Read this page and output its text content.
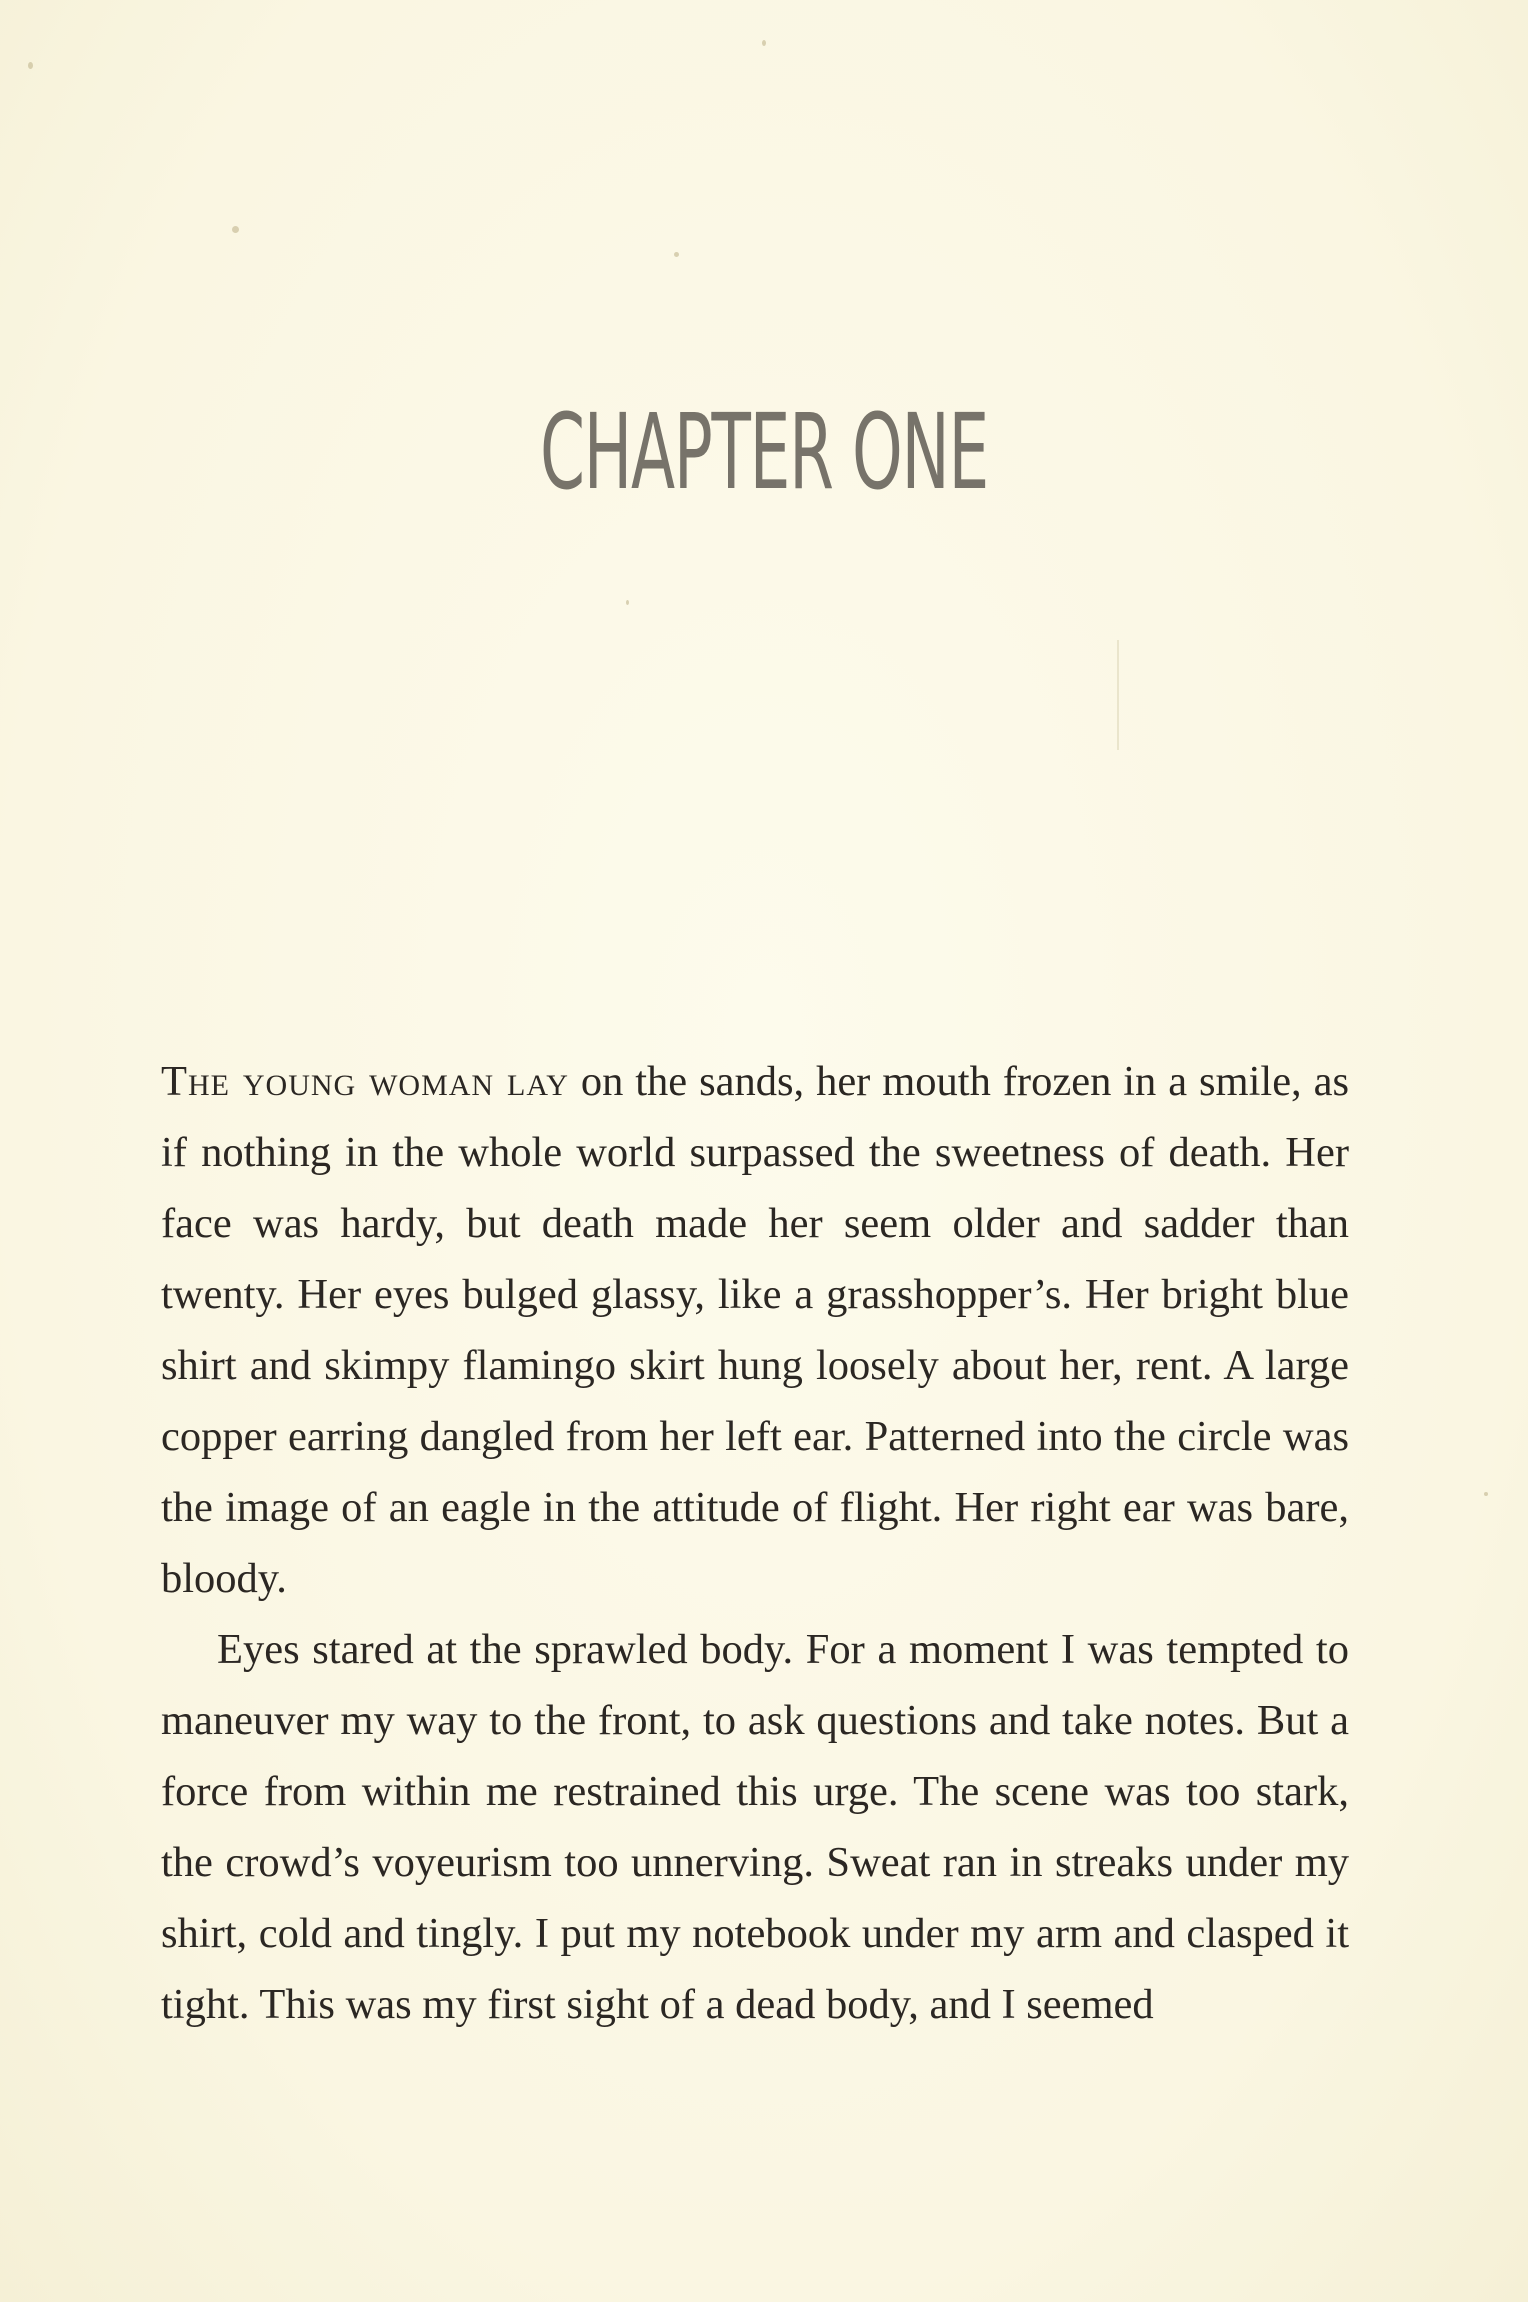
CHAPTER ONE

The young woman lay on the sands, her mouth frozen in a smile, as if nothing in the whole world surpassed the sweetness of death. Her face was hardy, but death made her seem older and sadder than twenty. Her eyes bulged glassy, like a grasshopper’s. Her bright blue shirt and skimpy flamingo skirt hung loosely about her, rent. A large copper earring dangled from her left ear. Patterned into the circle was the image of an eagle in the attitude of flight. Her right ear was bare, bloody.

Eyes stared at the sprawled body. For a moment I was tempted to maneuver my way to the front, to ask questions and take notes. But a force from within me restrained this urge. The scene was too stark, the crowd’s voyeurism too unnerving. Sweat ran in streaks under my shirt, cold and tingly. I put my notebook under my arm and clasped it tight. This was my first sight of a dead body, and I seemed
